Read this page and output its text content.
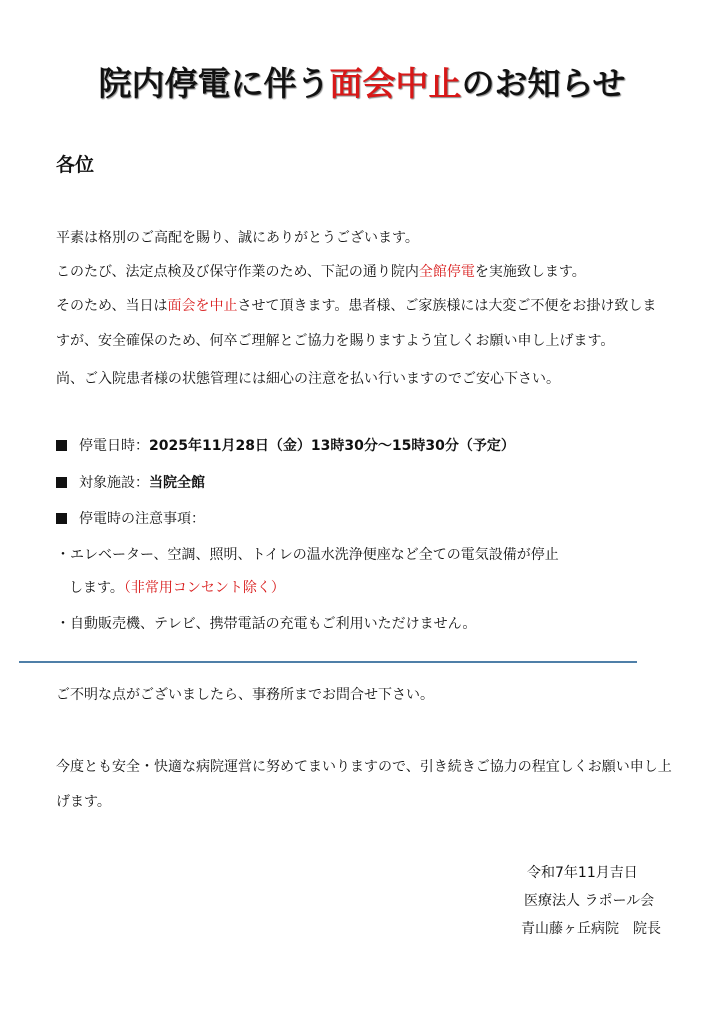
院内停電に伴う面会中止のお知らせ
各位
平素は格別のご高配を賜り、誠にありがとうございます。
このたび、法定点検及び保守作業のため、下記の通り院内全館停電を実施致します。
そのため、当日は面会を中止させて頂きます。患者様、ご家族様には大変ご不便をお掛け致しま
すが、安全確保のため、何卒ご理解とご協力を賜りますよう宜しくお願い申し上げます。
尚、ご入院患者様の状態管理には細心の注意を払い行いますのでご安心下さい。
停電日時：2025年11月28日（金）13時30分～15時30分（予定）
対象施設：当院全館
停電時の注意事項：
・エレベーター、空調、照明、トイレの温水洗浄便座など全ての電気設備が停止
します。（非常用コンセント除く）
・自動販売機、テレビ、携帯電話の充電もご利用いただけません。
ご不明な点がございましたら、事務所までお問合せ下さい。
今度とも安全・快適な病院運営に努めてまいりますので、引き続きご協力の程宜しくお願い申し上
げます。
令和7年11月吉日
医療法人 ラポール会
青山藤ヶ丘病院　院長
